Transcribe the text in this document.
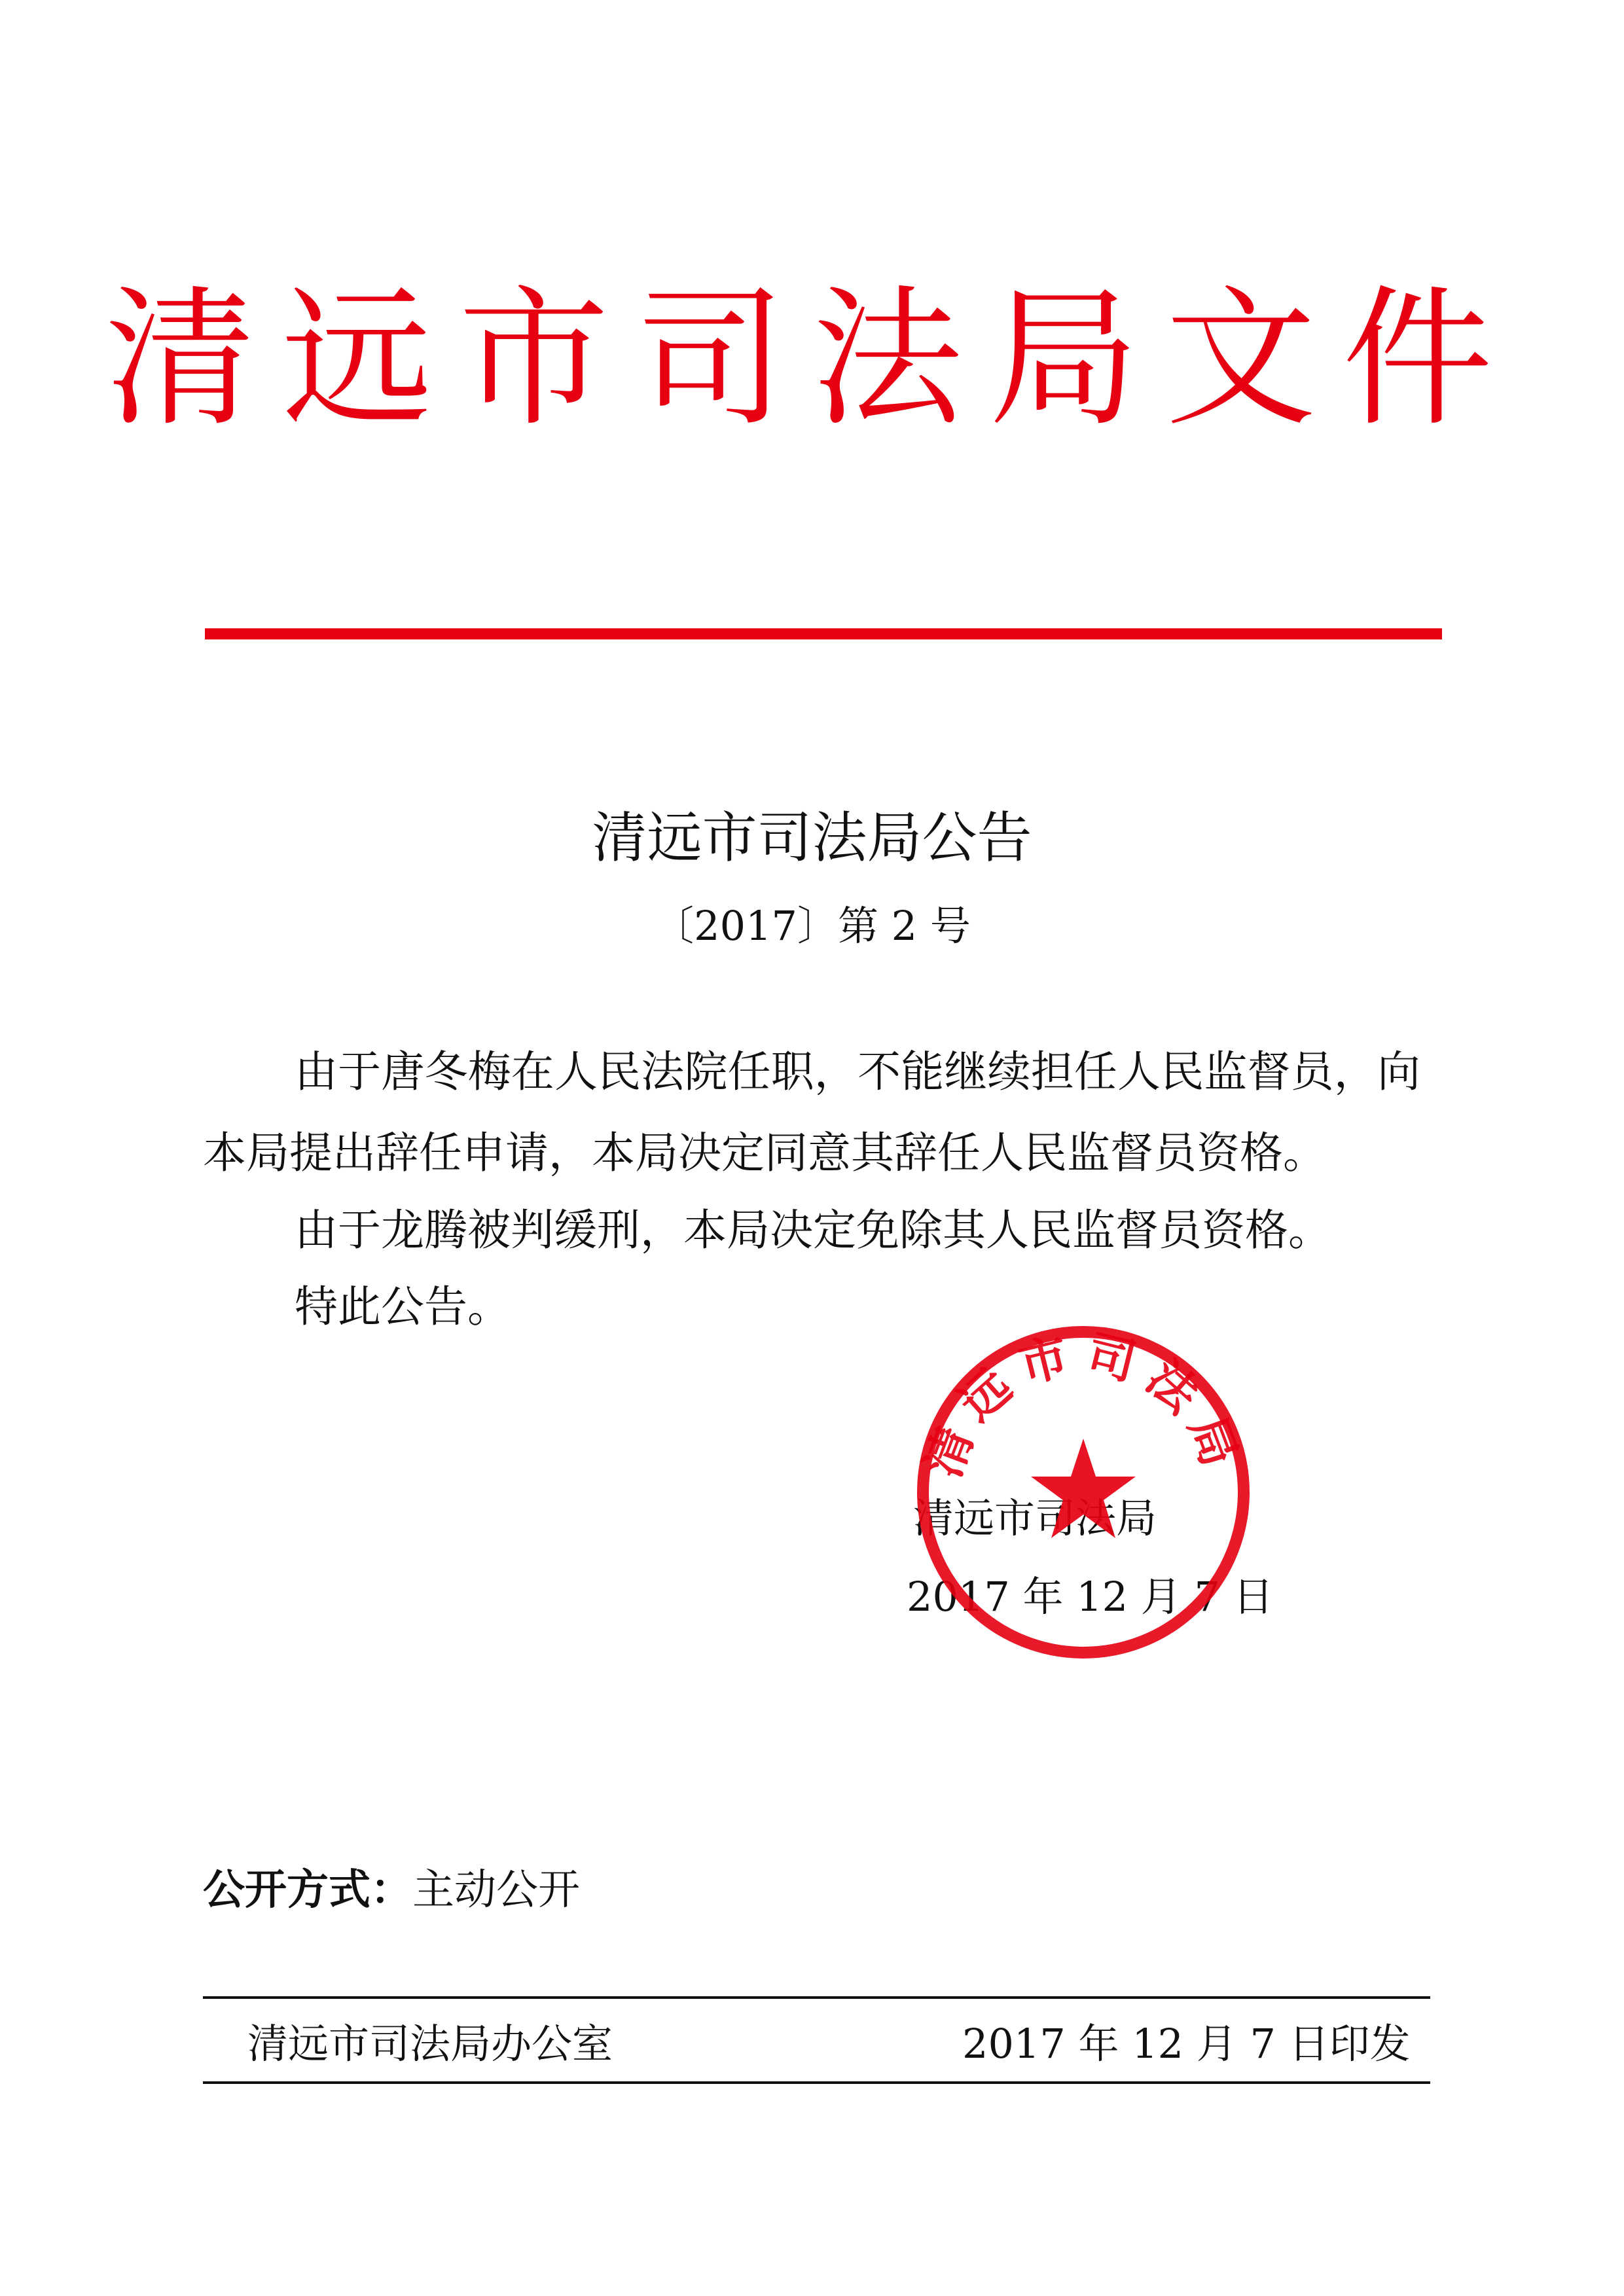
清远市司法局文件
清远市司法局公告
〔2017〕第 2 号
由于唐冬梅在人民法院任职，不能继续担任人民监督员，向
本局提出辞任申请，本局决定同意其辞任人民监督员资格。
由于龙腾被判缓刑，本局决定免除其人民监督员资格。
特此公告。
清远市司法局
2017 年 12 月 7 日
清远市司法局
公开方式：主动公开
清远市司法局办公室	2017 年 12 月 7 日印发
